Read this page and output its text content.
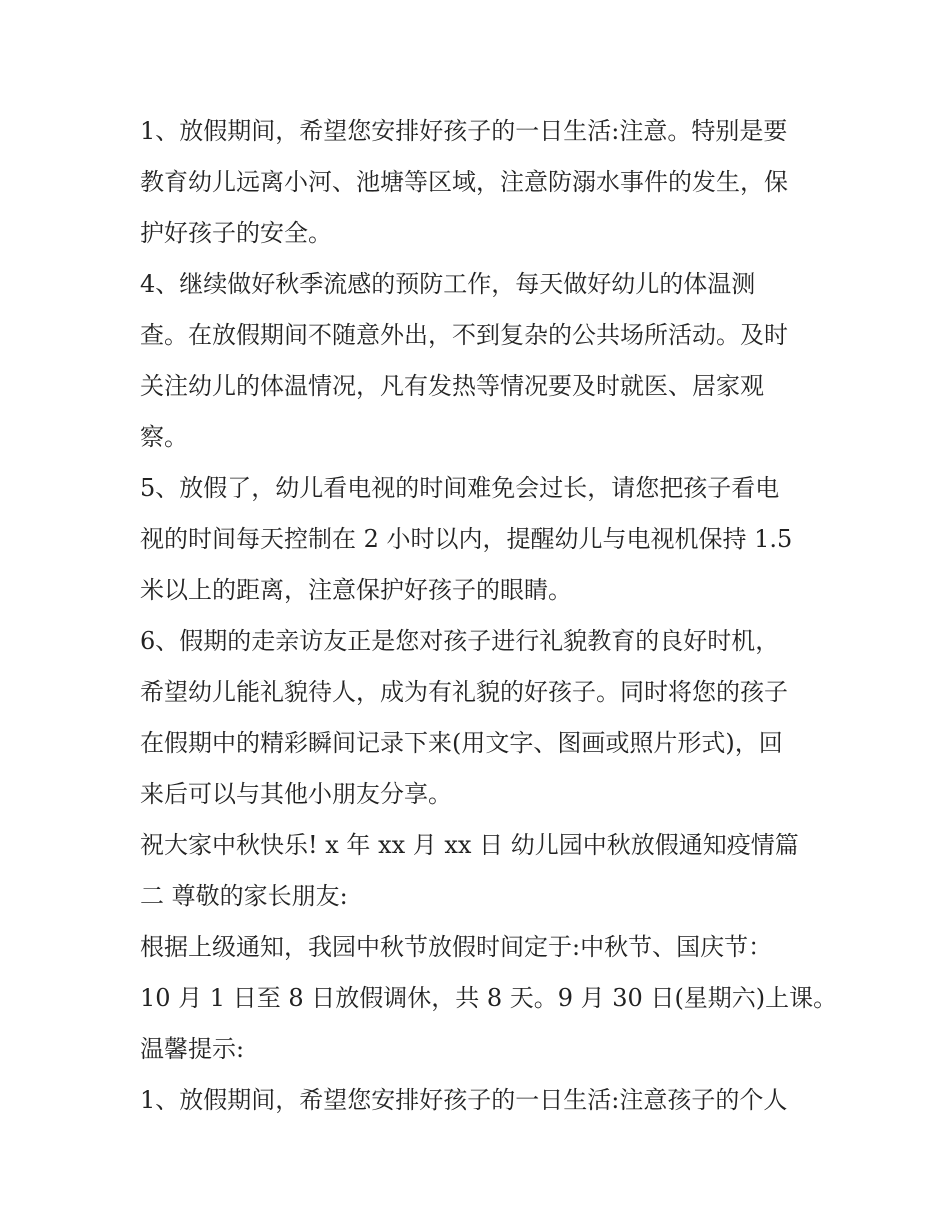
1、放假期间，希望您安排好孩子的一日生活:注意。特别是要
教育幼儿远离小河、池塘等区域，注意防溺水事件的发生，保
护好孩子的安全。
4、继续做好秋季流感的预防工作，每天做好幼儿的体温测
查。在放假期间不随意外出，不到复杂的公共场所活动。及时
关注幼儿的体温情况，凡有发热等情况要及时就医、居家观
察。
5、放假了，幼儿看电视的时间难免会过长，请您把孩子看电
视的时间每天控制在 2 小时以内，提醒幼儿与电视机保持 1.5
米以上的距离，注意保护好孩子的眼睛。
6、假期的走亲访友正是您对孩子进行礼貌教育的良好时机，
希望幼儿能礼貌待人，成为有礼貌的好孩子。同时将您的孩子
在假期中的精彩瞬间记录下来(用文字、图画或照片形式)，回
来后可以与其他小朋友分享。
祝大家中秋快乐! x 年 xx 月 xx 日 幼儿园中秋放假通知疫情篇
二 尊敬的家长朋友:
根据上级通知，我园中秋节放假时间定于:中秋节、国庆节：
10 月 1 日至 8 日放假调休，共 8 天。9 月 30 日(星期六)上课。
温馨提示:
1、放假期间，希望您安排好孩子的一日生活:注意孩子的个人
